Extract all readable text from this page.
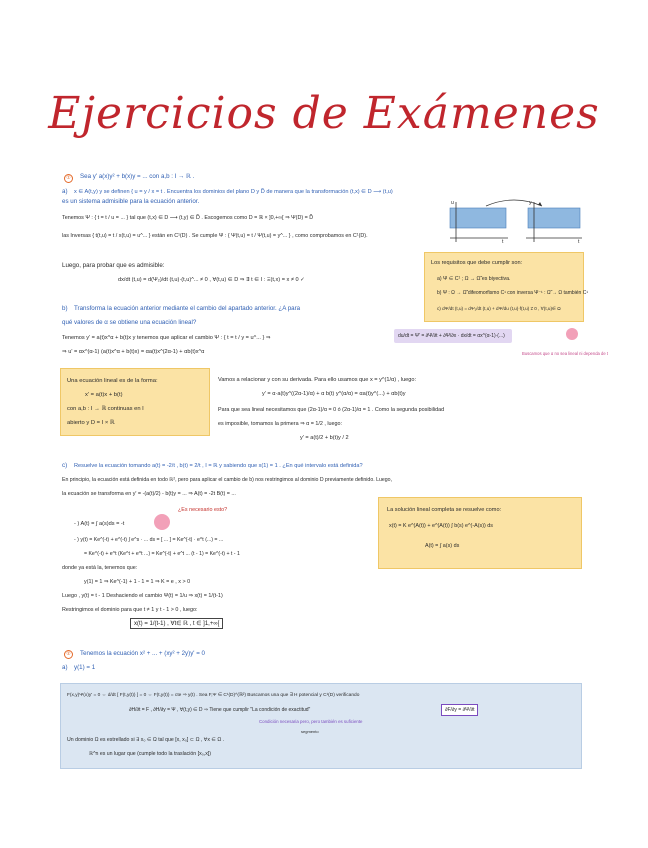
Ejercicios de Exámenes
①	Sea y' a(x)y² + b(x)y = ... con a,b : I → ℝ .
a) x ∈ A(t,y) y se definen { u = y / x = t . Encuentra los dominios del plano D y D̃ de manera que la transformación (t,x) ∈ D ⟶ (t,u)
es un sistema admisible para la ecuación anterior.
Tenemos Ψ : { t = t / u = ... } tal que (t,x) ∈ D ⟶ (t,y) ∈ D̃ . Escogemos como D = ℝ × ]0,+∞[ ⇒ Ψ(D) = D̃
las Inversas { t(t,u) = t / x(t,u) = u^... } están en C¹(D) . Se cumple Ψ : { Ψ(t,u) = t / Ψ(t,u) = y^... } , como comprobamos en C¹(D).
Luego, para probar que es admisible:
dx/dt (t,u) = d(Ψ₂)/dt (t,u)·(t,u)^... ≠ 0 , ∀(t,u) ∈ D ⇒ ∃ t ∈ I : Ξ(t,x) = x ≠ 0 ✓
u	y
t	t
Los requisitos que debe cumplir son:
a) Ψ ∈ C¹ ; Ω → Ω̃ es biyectiva.
b) Ψ : Ω → Ω̃ difeomorfismo C¹ con inversa Ψ⁻¹ : Ω̃ → Ω también C¹
c) dΨ/dt (t,u) = dΨ₁/dt (t,u) + dΨ/du (t,u)·f(t,u) ≠ 0 , ∀(t,u)∈ Ω
b) Transforma la ecuación anterior mediante el cambio del apartado anterior. ¿A para
qué valores de α se obtiene una ecuación lineal?
Tenemos y' = a(t)x^α + b(t)x y tenemos que aplicar el cambio Ψ : { t = t / y = u^... } ⇒
⇒ u' = αx^(α-1) (a(t)x^α + b(t)x) = αa(t)x^(2α-1) + αb(t)x^α
du/dt = Ψ' = ∂Ψ/∂t + ∂Ψ/∂x · dx/dt = αx^(α-1)·(...)
Buscamos que α no sea lineal ni dependa de t
Una ecuación lineal es de la forma:
x' = a(t)x + b(t)
con a,b : I → ℝ continuas en I
abierto y D = I × ℝ
Vamos a relacionar y con su derivada. Para ello usamos que x = y^(1/α) , luego:
y' = α·a(t)y^((2α-1)/α) + α b(t) y^(α/α) = αa(t)y^(...) + αb(t)y
Para que sea lineal necesitamos que (2α-1)/α = 0 ó (2α-1)/α = 1 . Como la segunda posibilidad
es imposible, tomamos la primera ⇒ α = 1/2 , luego:
y' = a(t)/2 + b(t)y / 2
c) Resuelve la ecuación tomando a(t) = -2/t , b(t) = 2/t , I = ℝ y sabiendo que x(1) = 1 . ¿En qué intervalo está definida?
En principio, la ecuación está definida en todo ℝ², pero para aplicar el cambio de b) nos restringimos al dominio D previamente definido. Luego,
la ecuación se transforma en y' = -(a(t)/2) - b(t)y = ... ⇒ A(t) = -2t B(t) = ...
¿Es necesario esto?
- ) A(t) = ∫ a(s)ds = -t
- ) y(t) = Ke^(-t) + e^(-t) ∫ e^s · ... ds = [ ... ] = Ke^(-t) · e^t (...) = ...
= Ke^(-t) + e^t (Ke^t + e^t ...) = Ke^(-t) + e^t ... (t - 1) = Ke^(-t) + t - 1
donde ya está la, tenemos que:
y(1) = 1 ⇒ Ke^(-1) + 1 - 1 = 1 ⇒ K = e , x > 0
Luego , y(t) = t - 1 Deshaciendo el cambio Ψ(t) = 1/u ⇒ x(t) = 1/(t-1)
Restringimos el dominio para que t ≠ 1 y t - 1 > 0 , luego:
x(t) = 1/(t-1) , ∀t∈ ℝ , t ∈ ]1,+∞[
La solución lineal completa se resuelve como:
x(t) = K e^(A(t)) + e^(A(t)) ∫ b(s) e^(-A(s)) ds
A(t) = ∫ a(s) ds
②	Tenemos la ecuación x² + ... + (xy² + 2y)y' = 0
a) y(1) = 1
F(x,y)Ψ(x)y' = 0 ⇔ d/dt [ F(t,y(t)) ] = 0 ⇔ F(t,y(t)) = cte ⇒ y(t) . Sea F,Ψ ∈ C¹(D)^(ℝ²) Buscamos una que ∃ H potencial y C¹(D) verificando
∂H/∂t = F , ∂H/∂y = Ψ , ∀(t,y) ∈ D ⇒ Tiene que cumplir "La condición de exactitud"	∂F/∂y = ∂Ψ/∂t
Condición necesaria pero, pero también es suficiente
segmento
Un dominio Ω es estrellado si ∃ x₀ ∈ Ω tal que [x, x₀] ⊂ Ω , ∀x ∈ Ω .
ℝ^n es un lugar que (cumple todo la traslación [x₀,x])
